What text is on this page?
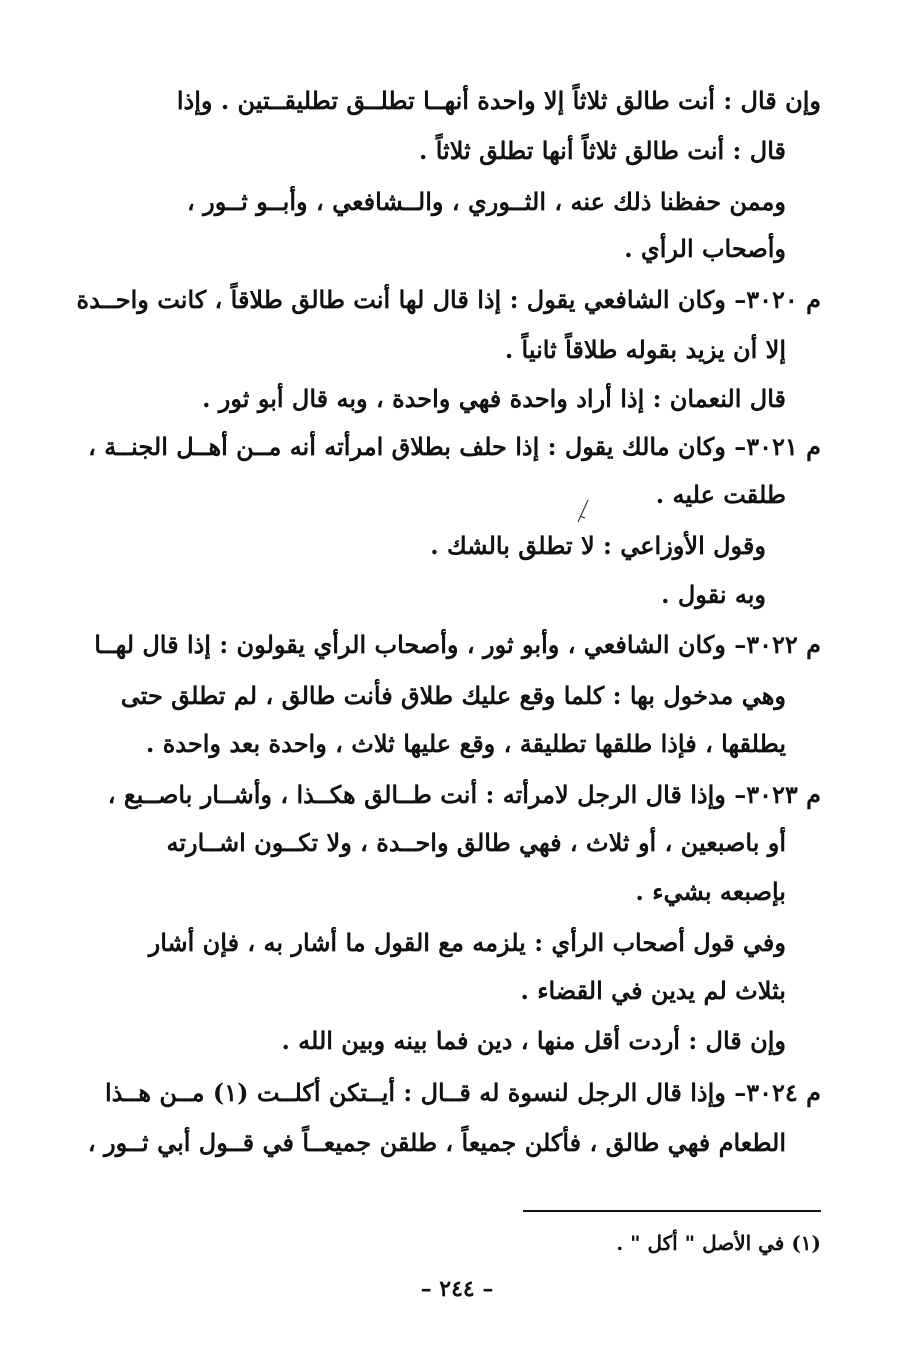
وإن قال : أنت طالق ثلاثاً إلا واحدة أنهــا تطلــق تطليقــتين . وإذا
قال : أنت طالق ثلاثاً أنها تطلق ثلاثاً .
وممن حفظنا ذلك عنه ، الثــوري ، والــشافعي ، وأبــو ثــور ،
وأصحاب الرأي .
م ٣٠٢٠– وكان الشافعي يقول : إذا قال لها أنت طالق طلاقاً ، كانت واحــدة
إلا أن يزيد بقوله طلاقاً ثانياً .
قال النعمان : إذا أراد واحدة فهي واحدة ، وبه قال أبو ثور .
م ٣٠٢١– وكان مالك يقول : إذا حلف بطلاق امرأته أنه مــن أهــل الجنــة ،
طلقت عليه .
وقول الأوزاعي : لا تطلق بالشك .
وبه نقول .
م ٣٠٢٢– وكان الشافعي ، وأبو ثور ، وأصحاب الرأي يقولون : إذا قال لهــا
وهي مدخول بها : كلما وقع عليك طلاق فأنت طالق ، لم تطلق حتى
يطلقها ، فإذا طلقها تطليقة ، وقع عليها ثلاث ، واحدة بعد واحدة .
م ٣٠٢٣– وإذا قال الرجل لامرأته : أنت طــالق هكــذا ، وأشــار باصــبع ،
أو باصبعين ، أو ثلاث ، فهي طالق واحــدة ، ولا تكــون اشــارته
بإصبعه بشيء .
وفي قول أصحاب الرأي : يلزمه مع القول ما أشار به ، فإن أشار
بثلاث لم يدين في القضاء .
وإن قال : أردت أقل منها ، دين فما بينه وبين الله .
م ٣٠٢٤– وإذا قال الرجل لنسوة له قــال : أيــتكن أكلــت (١) مــن هــذا
الطعام فهي طالق ، فأكلن جميعاً ، طلقن جميعــاً في قــول أبي ثــور ،
(١) في الأصل " أكل " .
– ٢٤٤ –
